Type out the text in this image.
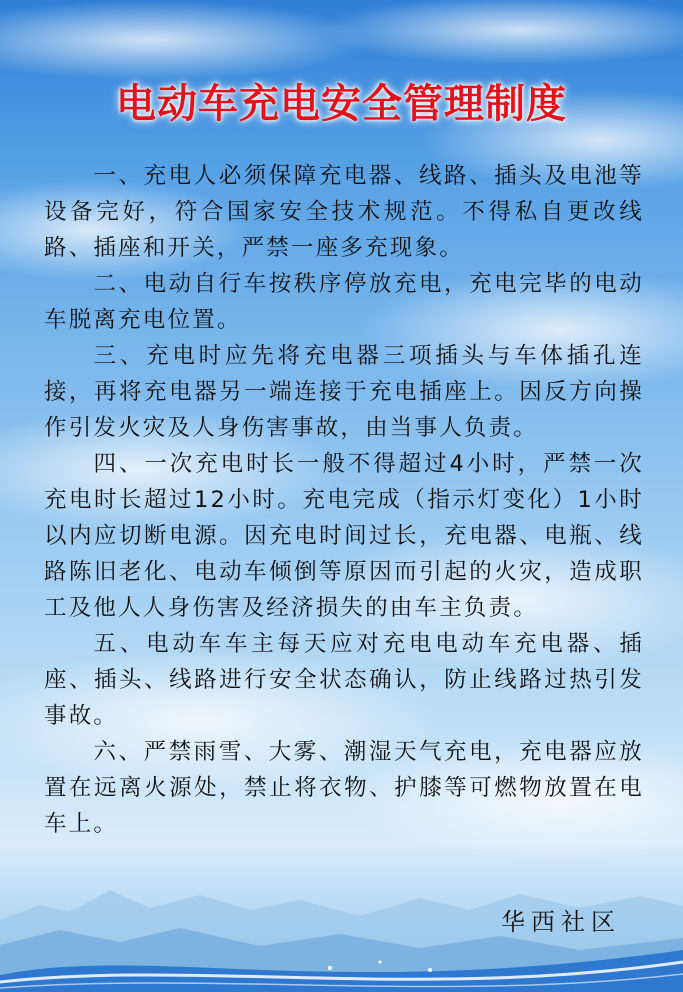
电动车充电安全管理制度

一、充电人必须保障充电器、线路、插头及电池等设备完好，符合国家安全技术规范。不得私自更改线路、插座和开关，严禁一座多充现象。

二、电动自行车按秩序停放充电，充电完毕的电动车脱离充电位置。

三、充电时应先将充电器三项插头与车体插孔连接，再将充电器另一端连接于充电插座上。因反方向操作引发火灾及人身伤害事故，由当事人负责。

四、一次充电时长一般不得超过4小时，严禁一次充电时长超过12小时。充电完成（指示灯变化）1小时以内应切断电源。因充电时间过长，充电器、电瓶、线路陈旧老化、电动车倾倒等原因而引起的火灾，造成职工及他人人身伤害及经济损失的由车主负责。

五、电动车车主每天应对充电电动车充电器、插座、插头、线路进行安全状态确认，防止线路过热引发事故。

六、严禁雨雪、大雾、潮湿天气充电，充电器应放置在远离火源处，禁止将衣物、护膝等可燃物放置在电车上。

华西社区
